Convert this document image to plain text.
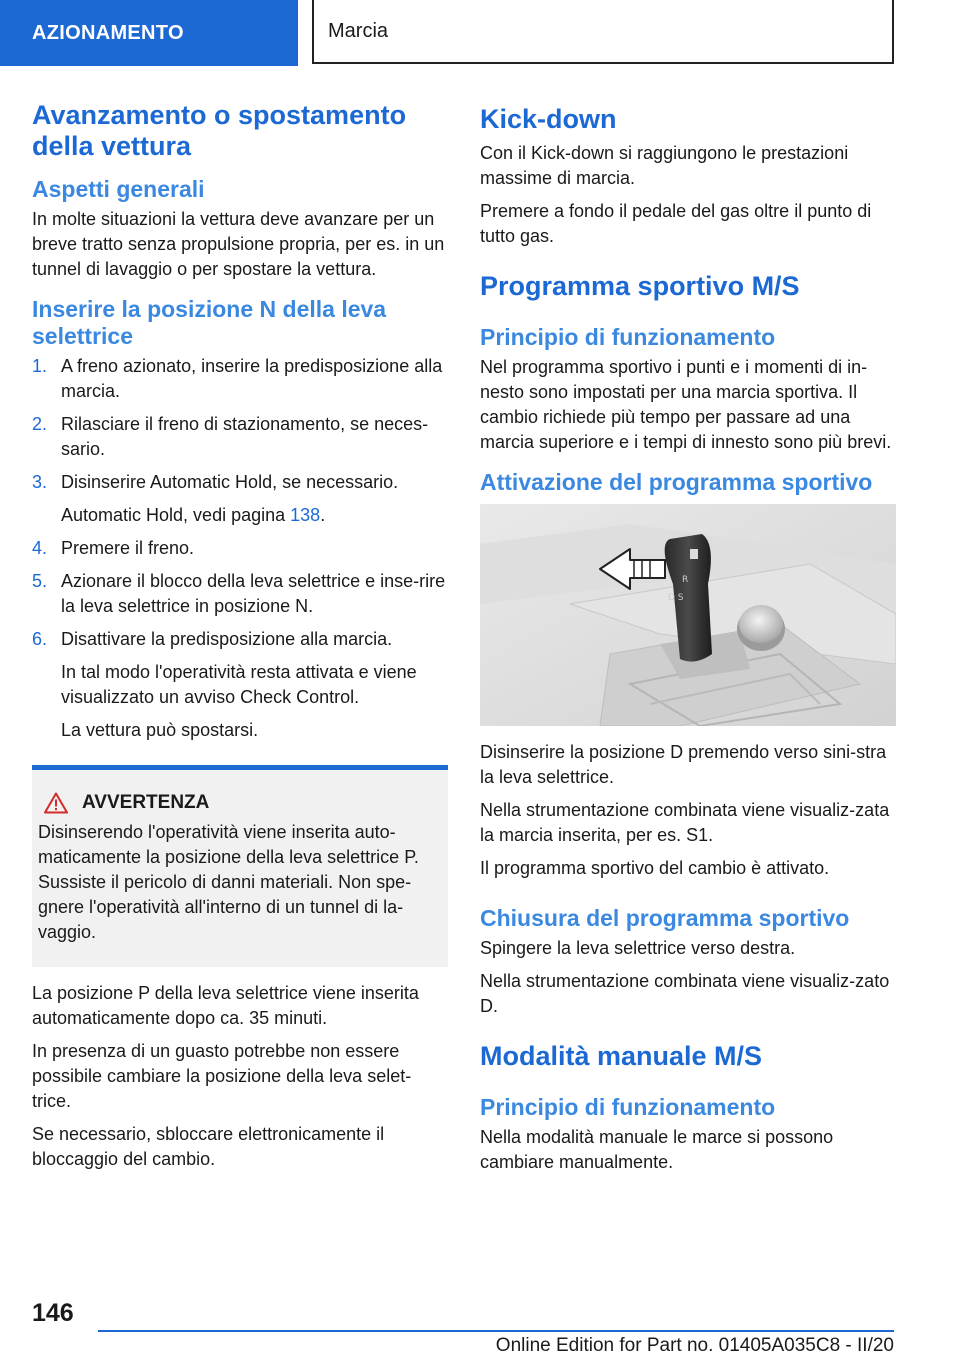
AZIONAMENTO	Marcia
Avanzamento o spostamento della vettura
Aspetti generali

In molte situazioni la vettura deve avanzare per un breve tratto senza propulsione propria, per es. in un tunnel di lavaggio o per spostare la vettura.

Inserire la posizione N della leva selettrice
1. A freno azionato, inserire la predisposizione alla marcia.
2. Rilasciare il freno di stazionamento, se neces‐sario.
3. Disinserire Automatic Hold, se necessario.
Automatic Hold, vedi pagina 138.
4. Premere il freno.
5. Azionare il blocco della leva selettrice e inse‐rire la leva selettrice in posizione N.
6. Disattivare la predisposizione alla marcia.
In tal modo l'operatività resta attivata e viene visualizzato un avviso Check Control.
La vettura può spostarsi.
AVVERTENZA

Disinserendo l'operatività viene inserita auto‐maticamente la posizione della leva selettrice P. Sussiste il pericolo di danni materiali. Non spe‐gnere l'operatività all'interno di un tunnel di la‐vaggio.

La posizione P della leva selettrice viene inserita automaticamente dopo ca. 35 minuti.

In presenza di un guasto potrebbe non essere possibile cambiare la posizione della leva selet‐trice.

Se necessario, sbloccare elettronicamente il bloccaggio del cambio.

Kick-down

Con il Kick-down si raggiungono le prestazioni massime di marcia.

Premere a fondo il pedale del gas oltre il punto di tutto gas.

Programma sportivo M/S
Principio di funzionamento

Nel programma sportivo i punti e i momenti di in‐nesto sono impostati per una marcia sportiva. Il cambio richiede più tempo per passare ad una marcia superiore e i tempi di innesto sono più brevi.

Attivazione del programma sportivo
R
D S

Disinserire la posizione D premendo verso sini‐stra la leva selettrice.

Nella strumentazione combinata viene visualiz‐zata la marcia inserita, per es. S1.

Il programma sportivo del cambio è attivato.

Chiusura del programma sportivo

Spingere la leva selettrice verso destra.

Nella strumentazione combinata viene visualiz‐zato D.

Modalità manuale M/S
Principio di funzionamento

Nella modalità manuale le marce si possono cambiare manualmente.

146
Online Edition for Part no. 01405A035C8 - II/20
